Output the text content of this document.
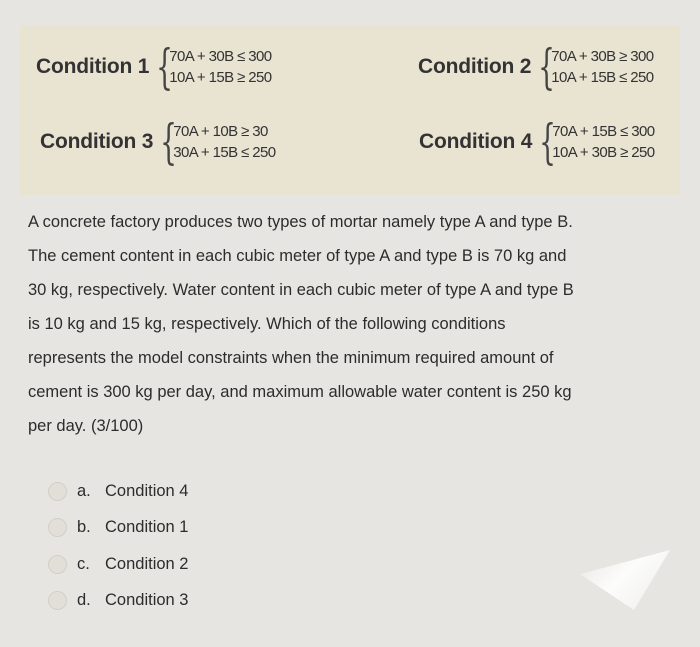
Condition 1 {
70A + 30B ≤ 300
10A + 15B ≥ 250	Condition 2 {
70A + 30B ≥ 300
10A + 15B ≤ 250
Condition 3 {
70A + 10B ≥ 30
30A + 15B ≤ 250	Condition 4 {
70A + 15B ≤ 300
10A + 30B ≥ 250
A concrete factory produces two types of mortar namely type A and type B.
The cement content in each cubic meter of type A and type B is 70 kg and
30 kg, respectively. Water content in each cubic meter of type A and type B
is 10 kg and 15 kg, respectively. Which of the following conditions
represents the model constraints when the minimum required amount of
cement is 300 kg per day, and maximum allowable water content is 250 kg
per day. (3/100)
a. Condition 4
b. Condition 1
c. Condition 2
d. Condition 3
